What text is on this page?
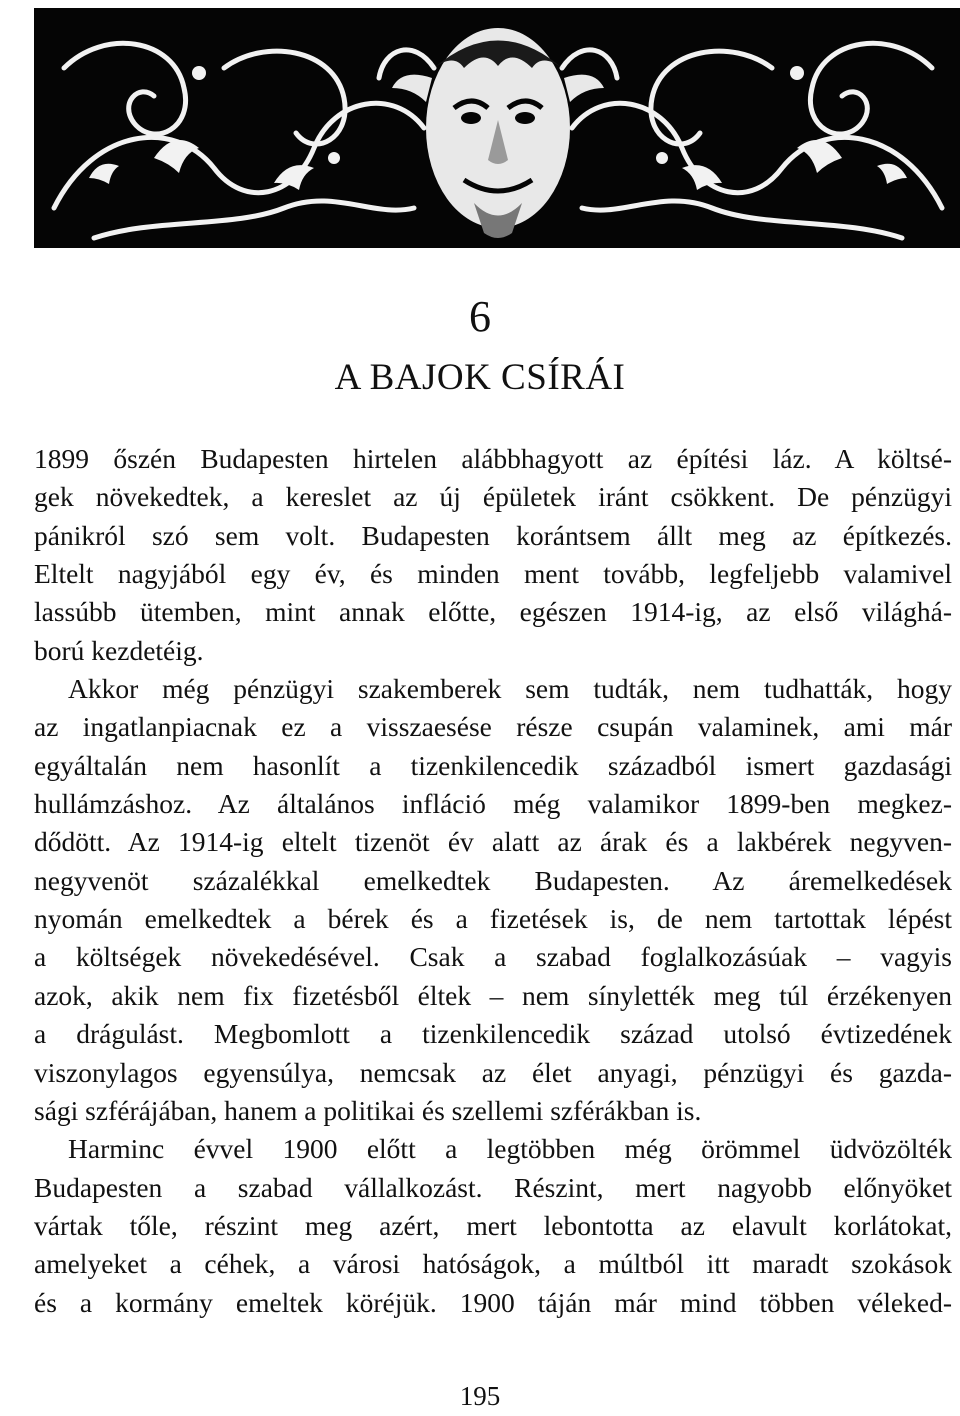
6
A BAJOK CSÍRÁI
1899 őszén Budapesten hirtelen alábbhagyott az építési láz. A költsé-
gek növekedtek, a kereslet az új épületek iránt csökkent. De pénzügyi
pánikról szó sem volt. Budapesten korántsem állt meg az építkezés.
Eltelt nagyjából egy év, és minden ment tovább, legfeljebb valamivel
lassúbb ütemben, mint annak előtte, egészen 1914-ig, az első világhá-
ború kezdetéig.
Akkor még pénzügyi szakemberek sem tudták, nem tudhatták, hogy
az ingatlanpiacnak ez a visszaesése része csupán valaminek, ami már
egyáltalán nem hasonlít a tizenkilencedik századból ismert gazdasági
hullámzáshoz. Az általános infláció még valamikor 1899-ben megkez-
dődött. Az 1914-ig eltelt tizenöt év alatt az árak és a lakbérek negyven-
negyvenöt százalékkal emelkedtek Budapesten. Az áremelkedések
nyomán emelkedtek a bérek és a fizetések is, de nem tartottak lépést
a költségek növekedésével. Csak a szabad foglalkozásúak – vagyis
azok, akik nem fix fizetésből éltek – nem sínylették meg túl érzékenyen
a drágulást. Megbomlott a tizenkilencedik század utolsó évtizedének
viszonylagos egyensúlya, nemcsak az élet anyagi, pénzügyi és gazda-
sági szférájában, hanem a politikai és szellemi szférákban is.
Harminc évvel 1900 előtt a legtöbben még örömmel üdvözölték
Budapesten a szabad vállalkozást. Részint, mert nagyobb előnyöket
vártak tőle, részint meg azért, mert lebontotta az elavult korlátokat,
amelyeket a céhek, a városi hatóságok, a múltból itt maradt szokások
és a kormány emeltek köréjük. 1900 táján már mind többen véleked-
195
